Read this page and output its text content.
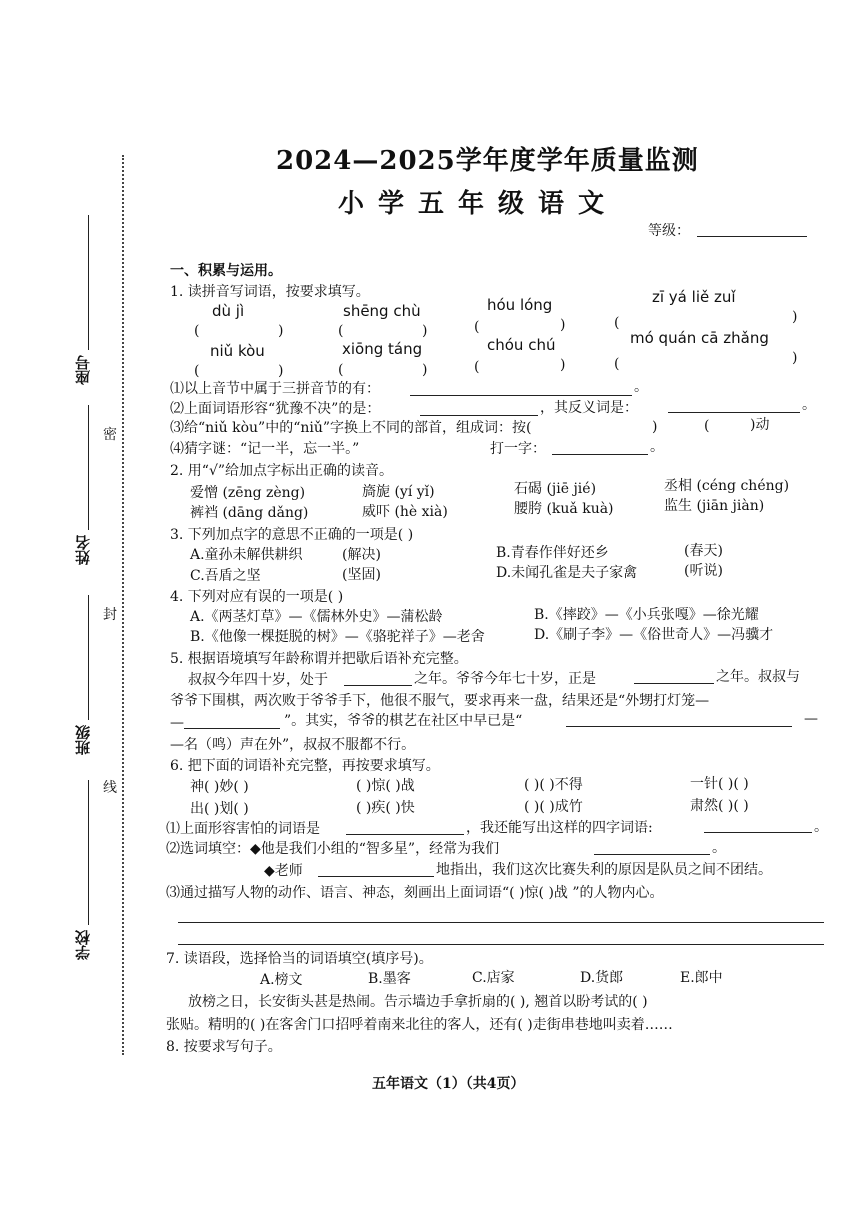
座号
姓名
班级
学校
密
封
线
2024—2025学年度学年质量监测
小学五年级语文
等级：
一、积累与运用。
1. 读拼音写词语，按要求填写。
dù jì	shēng chù	hóu lóng	zī yá liě zuǐ
(	)	(	)	(	)	(	)
niǔ kòu	xiōng táng	chóu chú	mó quán cā zhǎng
(	)	(	)	(	)	(	)
⑴以上音节中属于三拼音节的有：	。
⑵上面词语形容“犹豫不决”的是：	，其反义词是：	。
⑶给“niǔ kòu”中的“niǔ”字换上不同的部首，组成词：按(	)	(	)动
⑷猜字谜：“记一半，忘一半。”	打一字：	。
2. 用“√”给加点字标出正确的读音。
爱憎 (zēng zèng)	旖旎 (yí yǐ)	石碣 (jiē jié)	丞相 (céng chéng)
裤裆 (dāng dǎng)	威吓 (hè xià)	腰胯 (kuǎ kuà)	监生 (jiān jiàn)
3. 下列加点字的意思不正确的一项是( )
A.童孙未解供耕织	(解决)	B.青春作伴好还乡	(春天)
C.吾盾之坚	(坚固)	D.未闻孔雀是夫子家禽	(听说)
4. 下列对应有误的一项是( )
A.《两茎灯草》—《儒林外史》—蒲松龄	B.《摔跤》—《小兵张嘎》—徐光耀
B.《他像一棵挺脱的树》—《骆驼祥子》—老舍	D.《刷子李》—《俗世奇人》—冯骥才
5. 根据语境填写年龄称谓并把歇后语补充完整。
叔叔今年四十岁，处于	之年。爷爷今年七十岁，正是	之年。叔叔与
爷爷下围棋，两次败于爷爷手下，他很不服气，要求再来一盘，结果还是“外甥打灯笼—
—	”。其实，爷爷的棋艺在社区中早已是“	—
—名（鸣）声在外”，叔叔不服都不行。
6. 把下面的词语补充完整，再按要求填写。
神( )妙( )	( )惊( )战	( )( )不得	一针( )( )
出( )划( )	( )疾( )快	( )( )成竹	肃然( )( )
⑴上面形容害怕的词语是	，我还能写出这样的四字词语:	。
⑵选词填空：◆他是我们小组的“智多星”，经常为我们	。
◆老师	地指出，我们这次比赛失利的原因是队员之间不团结。
⑶通过描写人物的动作、语言、神态，刻画出上面词语“( )惊( )战 ”的人物内心。
7. 读语段，选择恰当的词语填空(填序号)。
A.榜文	B.墨客	C.店家	D.货郎	E.郎中
放榜之日，长安街头甚是热闹。告示墙边手拿折扇的( ), 翘首以盼考试的( )
张贴。精明的( )在客舍门口招呼着南来北往的客人，还有( )走街串巷地叫卖着……
8. 按要求写句子。
五年语文（1）（共4页）
